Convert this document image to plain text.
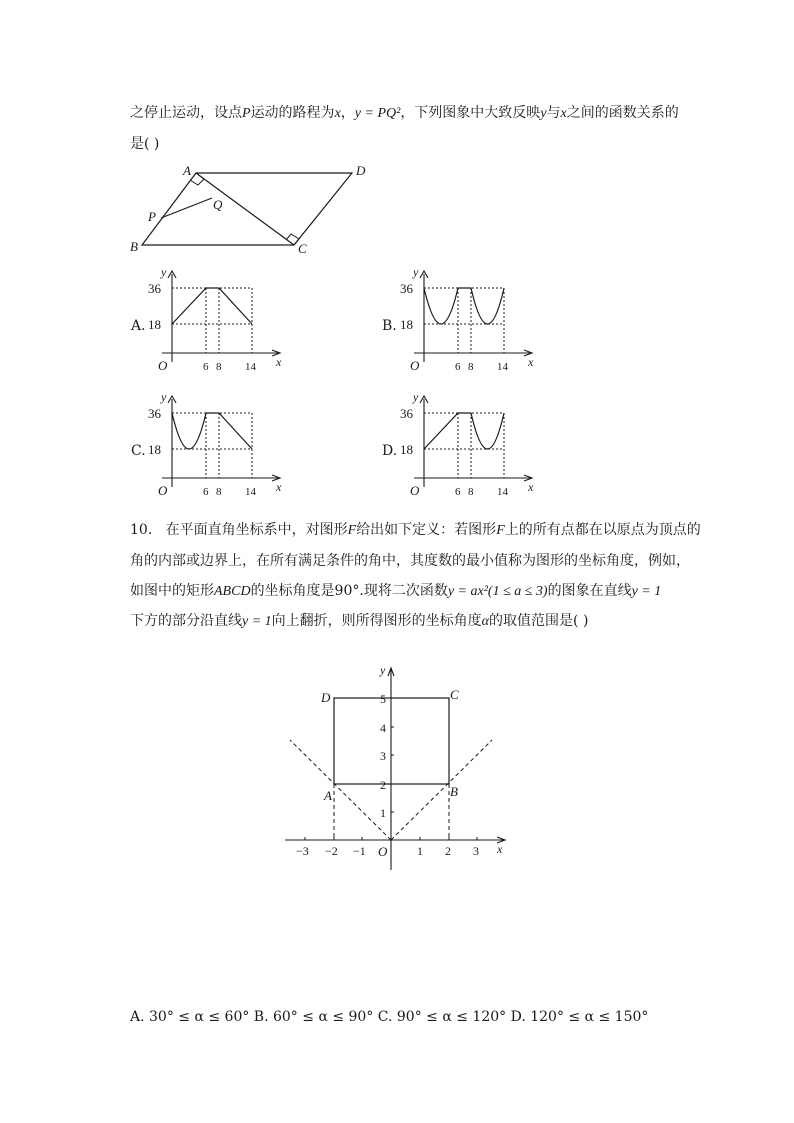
之停止运动，设点P运动的路程为x，y = PQ²，下列图象中大致反映y与x之间的函数关系的
是( )
A	D
B	C
P
Q
A.
y
x
O
36
18
6 8 14
B.
y
x
O
36
18
6 8 14
C.
y
x
O
36
18
6 8 14
D.
y
x
O
36
18
6 8 14
10. 在平面直角坐标系中，对图形F给出如下定义：若图形F上的所有点都在以原点为顶点的
角的内部或边界上，在所有满足条件的角中，其度数的最小值称为图形的坐标角度，例如，
如图中的矩形ABCD的坐标角度是90°.现将二次函数y = ax²(1 ≤ a ≤ 3)的图象在直线y = 1
下方的部分沿直线y = 1向上翻折，则所得图形的坐标角度α的取值范围是( )
−3 −2 −1	1 2 3
1
2
3
4
5
x
y
O
A	B
C
D
A. 30° ≤ α ≤ 60° B. 60° ≤ α ≤ 90° C. 90° ≤ α ≤ 120° D. 120° ≤ α ≤ 150°
